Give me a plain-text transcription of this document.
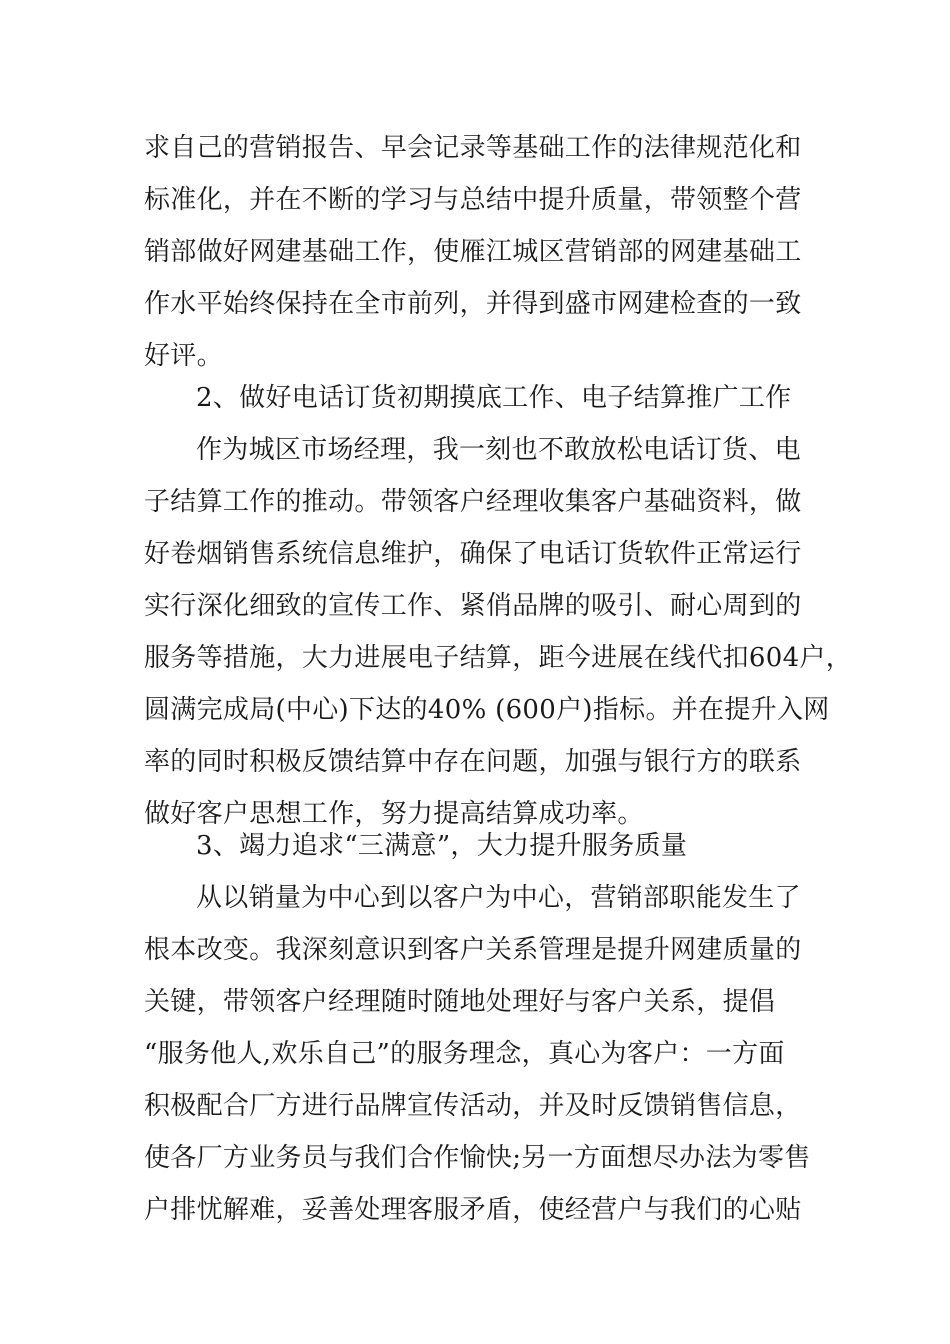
求自己的营销报告、早会记录等基础工作的法律规范化和
标准化，并在不断的学习与总结中提升质量，带领整个营
销部做好网建基础工作，使雁江城区营销部的网建基础工
作水平始终保持在全市前列，并得到盛市网建检查的一致
好评。
2、做好电话订货初期摸底工作、电子结算推广工作
作为城区市场经理，我一刻也不敢放松电话订货、电
子结算工作的推动。带领客户经理收集客户基础资料，做
好卷烟销售系统信息维护，确保了电话订货软件正常运行
实行深化细致的宣传工作、紧俏品牌的吸引、耐心周到的
服务等措施，大力进展电子结算，距今进展在线代扣604户，
圆满完成局(中心)下达的40% (600户)指标。并在提升入网
率的同时积极反馈结算中存在问题，加强与银行方的联系
做好客户思想工作，努力提高结算成功率。
3、竭力追求“三满意”，大力提升服务质量
从以销量为中心到以客户为中心，营销部职能发生了
根本改变。我深刻意识到客户关系管理是提升网建质量的
关键，带领客户经理随时随地处理好与客户关系，提倡
“服务他人,欢乐自己”的服务理念，真心为客户：一方面
积极配合厂方进行品牌宣传活动，并及时反馈销售信息，
使各厂方业务员与我们合作愉快;另一方面想尽办法为零售
户排忧解难，妥善处理客服矛盾，使经营户与我们的心贴
